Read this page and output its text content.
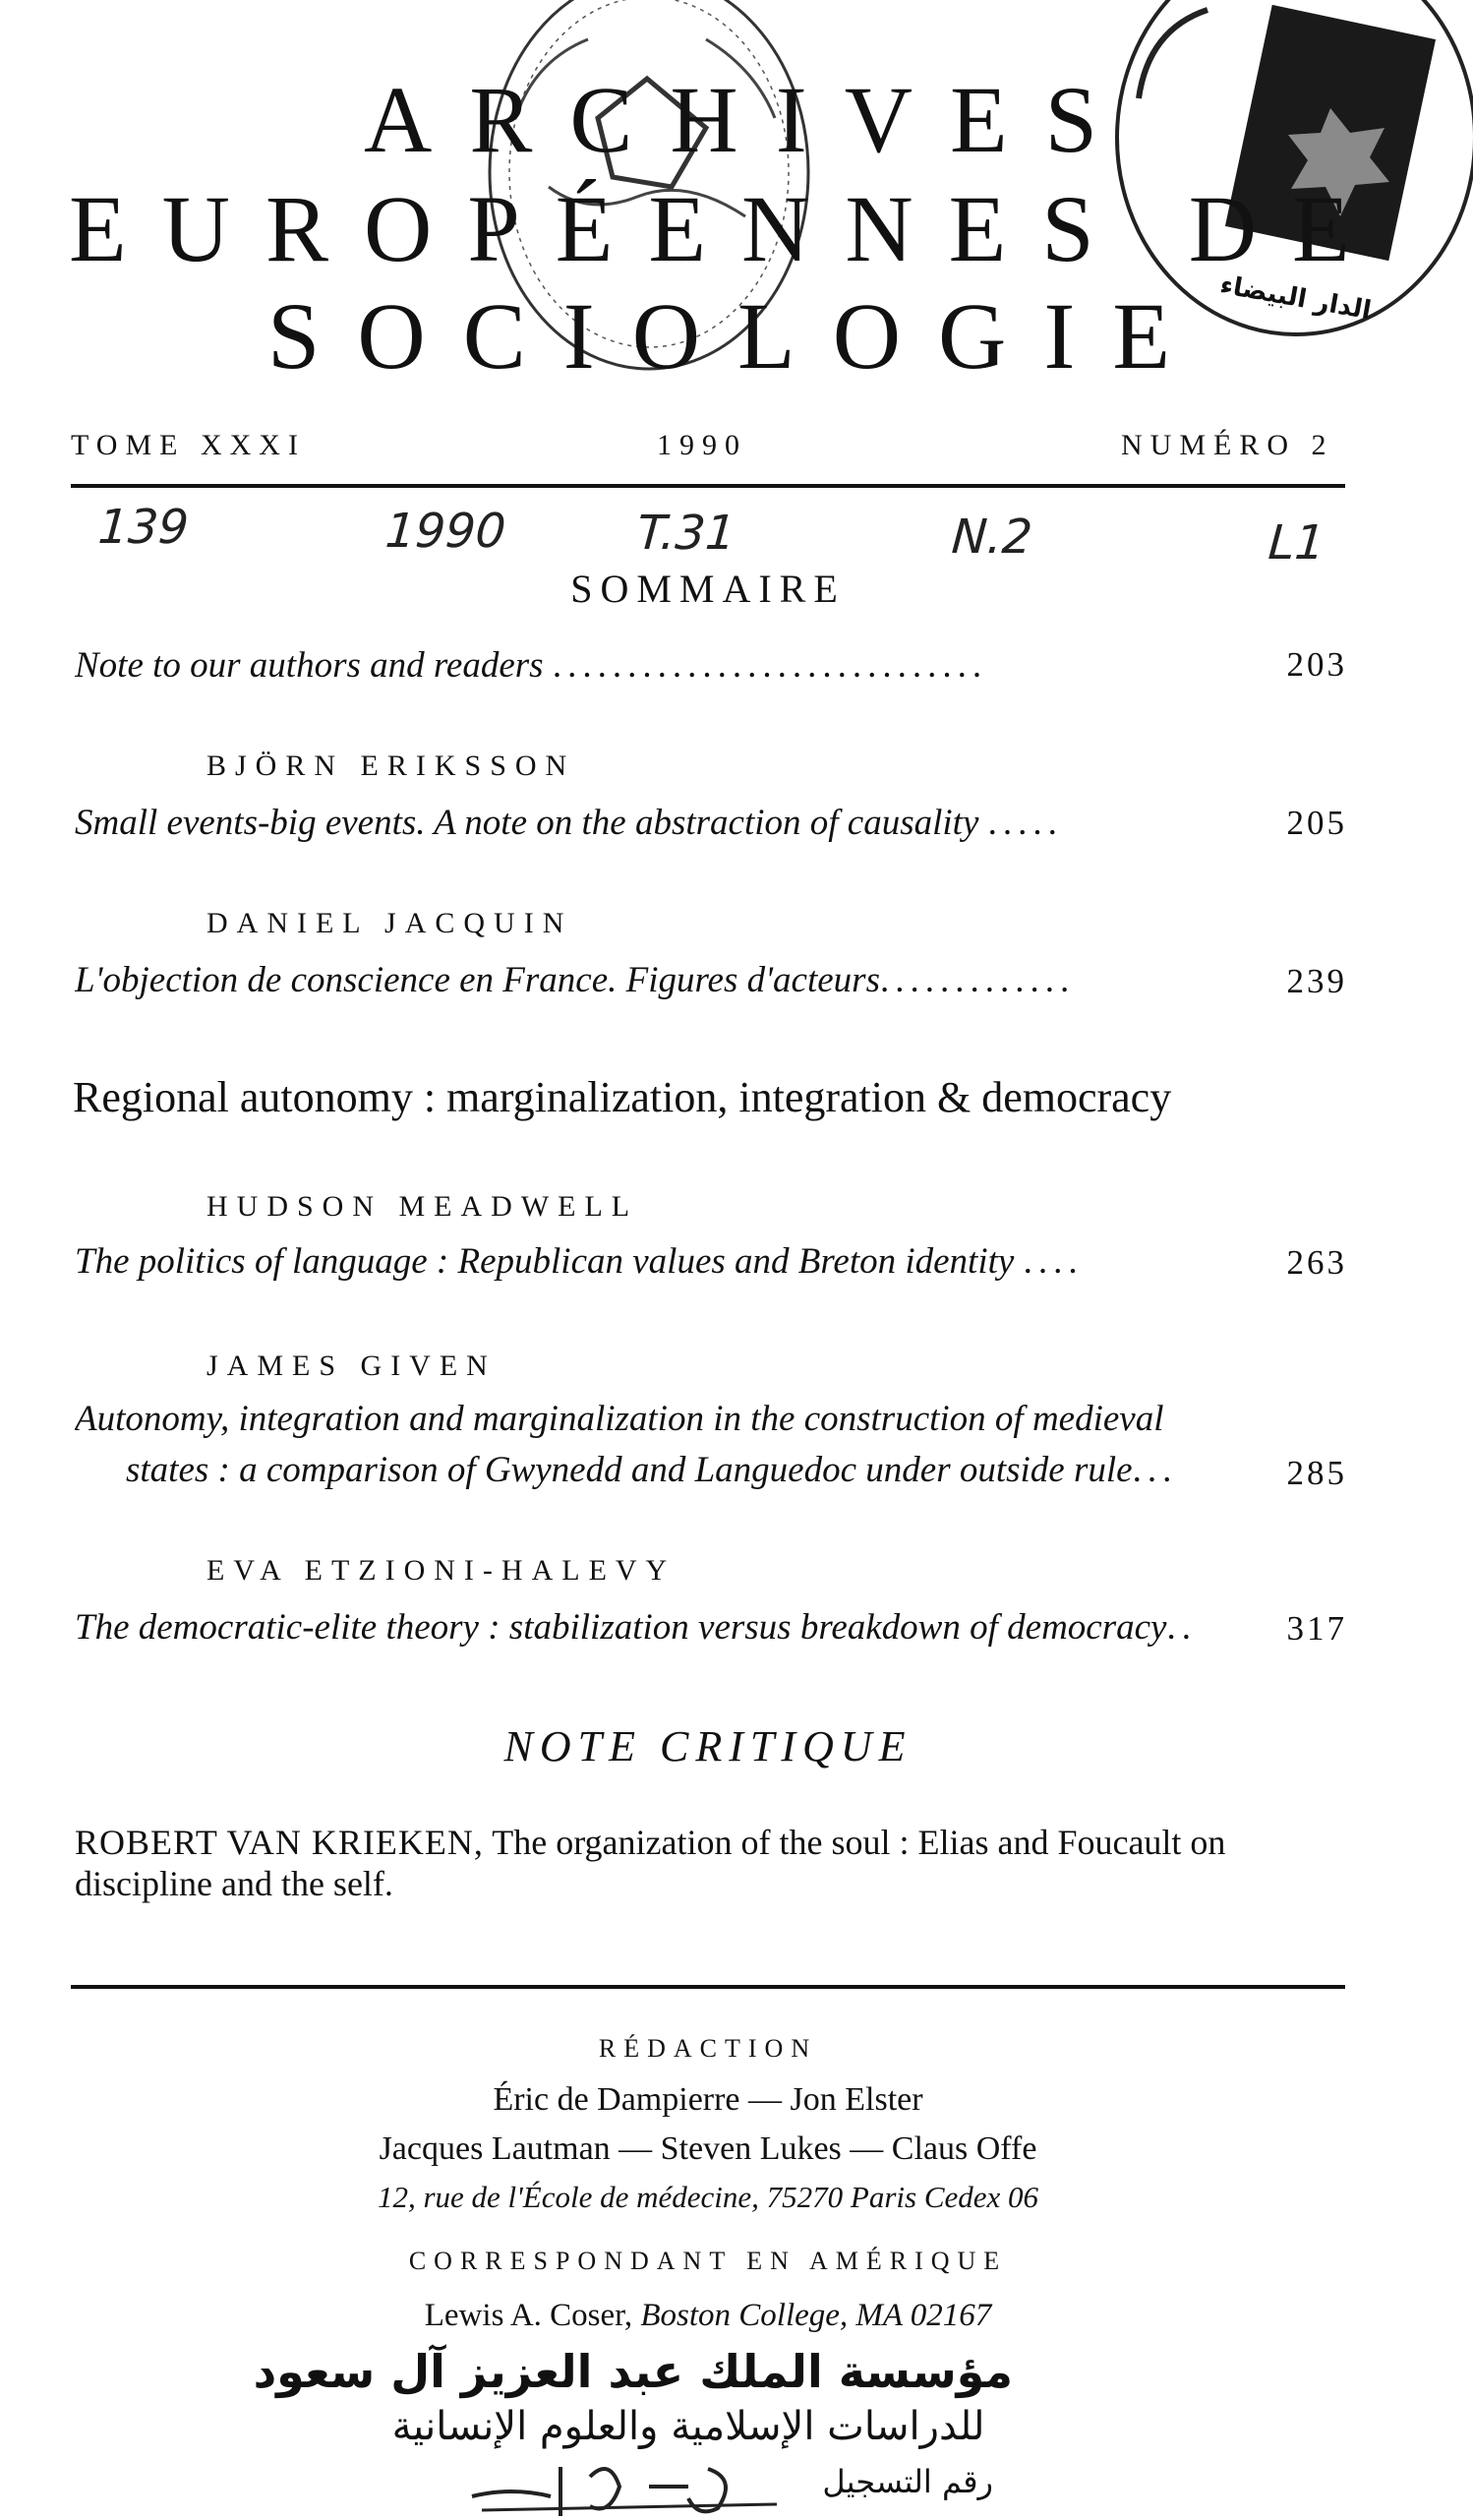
الدار البيضاء
ARCHIVES
EUROPÉENNES DE
SOCIOLOGIE
TOME XXXI	1990	NUMÉRO 2
139	1990	T.31	N.2	L1
SOMMAIRE
Note to our authors and readers .............................	203
BJÖRN ERIKSSON
Small events-big events. A note on the abstraction of causality .....	205
DANIEL JACQUIN
L'objection de conscience en France. Figures d'acteurs.............	239
Regional autonomy : marginalization, integration & democracy
HUDSON MEADWELL
The politics of language : Republican values and Breton identity ....	263
JAMES GIVEN
Autonomy, integration and marginalization in the construction of medieval
states : a comparison of Gwynedd and Languedoc under outside rule...	285
EVA ETZIONI-HALEVY
The democratic-elite theory : stabilization versus breakdown of democracy..	317
NOTE CRITIQUE
ROBERT VAN KRIEKEN, The organization of the soul : Elias and Foucault on
discipline and the self.
RÉDACTION
Éric de Dampierre — Jon Elster
Jacques Lautman — Steven Lukes — Claus Offe
12, rue de l'École de médecine, 75270 Paris Cedex 06
CORRESPONDANT EN AMÉRIQUE
Lewis A. Coser, Boston College, MA 02167
مؤسسة الملك عبد العزيز آل سعود
للدراسات الإسلامية والعلوم الإنسانية
رقم التسجيل
